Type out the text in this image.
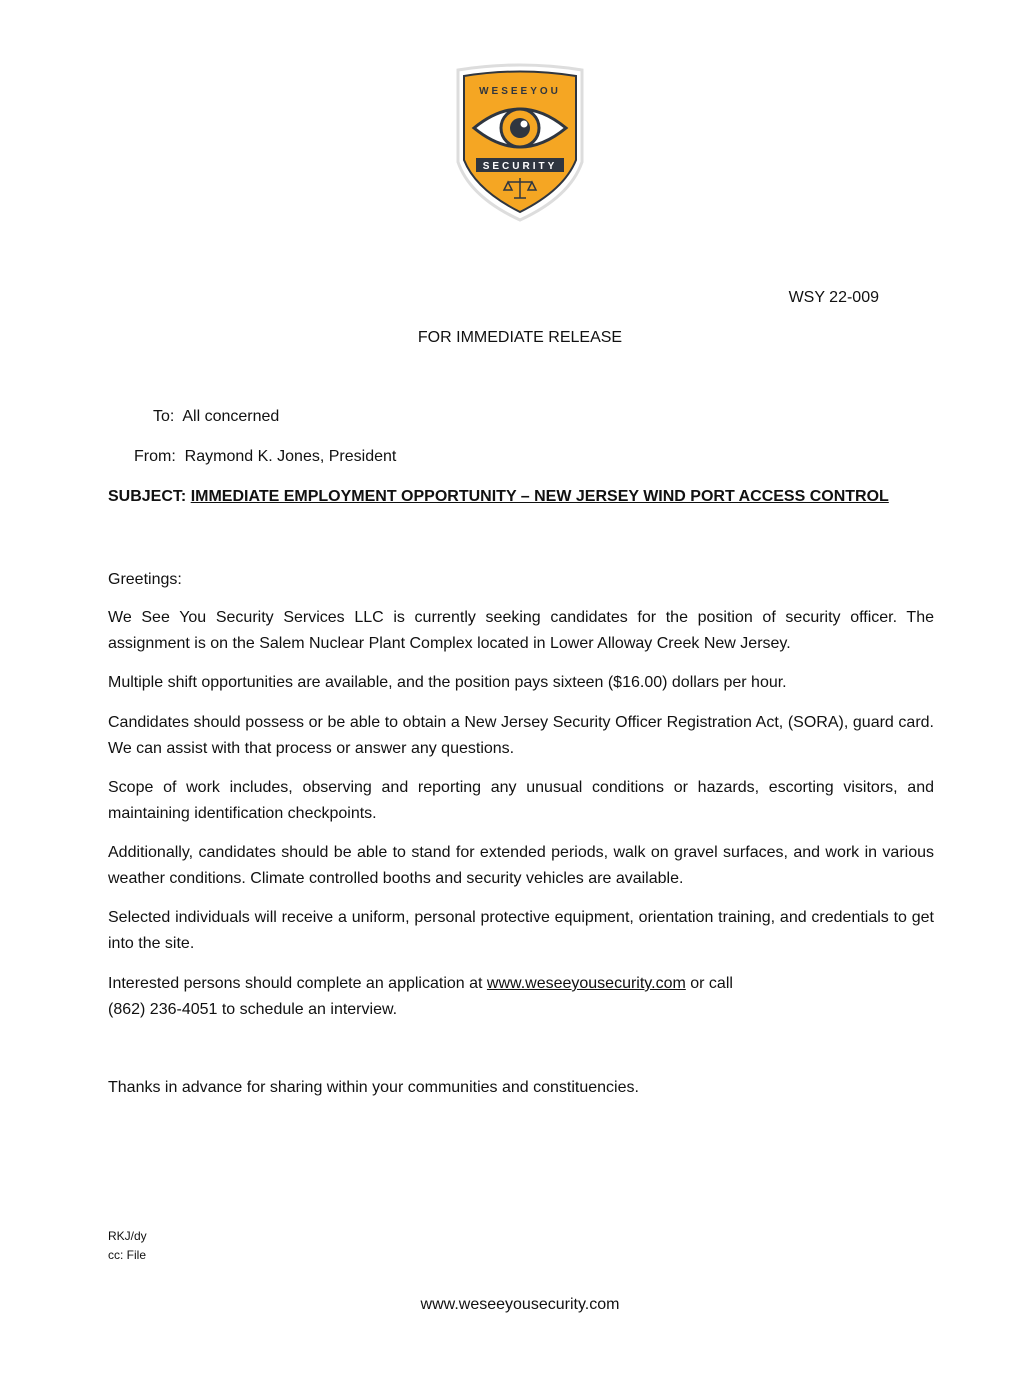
WESEEYOU
SECURITY
WSY 22-009
FOR IMMEDIATE RELEASE
To: All concerned
From: Raymond K. Jones, President
SUBJECT: IMMEDIATE EMPLOYMENT OPPORTUNITY – NEW JERSEY WIND PORT ACCESS CONTROL

Greetings:

We See You Security Services LLC is currently seeking candidates for the position of security officer. The assignment is on the Salem Nuclear Plant Complex located in Lower Alloway Creek New Jersey.

Multiple shift opportunities are available, and the position pays sixteen ($16.00) dollars per hour.

Candidates should possess or be able to obtain a New Jersey Security Officer Registration Act, (SORA), guard card. We can assist with that process or answer any questions.

Scope of work includes, observing and reporting any unusual conditions or hazards, escorting visitors, and maintaining identification checkpoints.

Additionally, candidates should be able to stand for extended periods, walk on gravel surfaces, and work in various weather conditions. Climate controlled booths and security vehicles are available.

Selected individuals will receive a uniform, personal protective equipment, orientation training, and credentials to get into the site.

Interested persons should complete an application at www.weseeyousecurity.com or call
(862) 236-4051 to schedule an interview.

Thanks in advance for sharing within your communities and constituencies.

RKJ/dy
cc: File
www.weseeyousecurity.com
